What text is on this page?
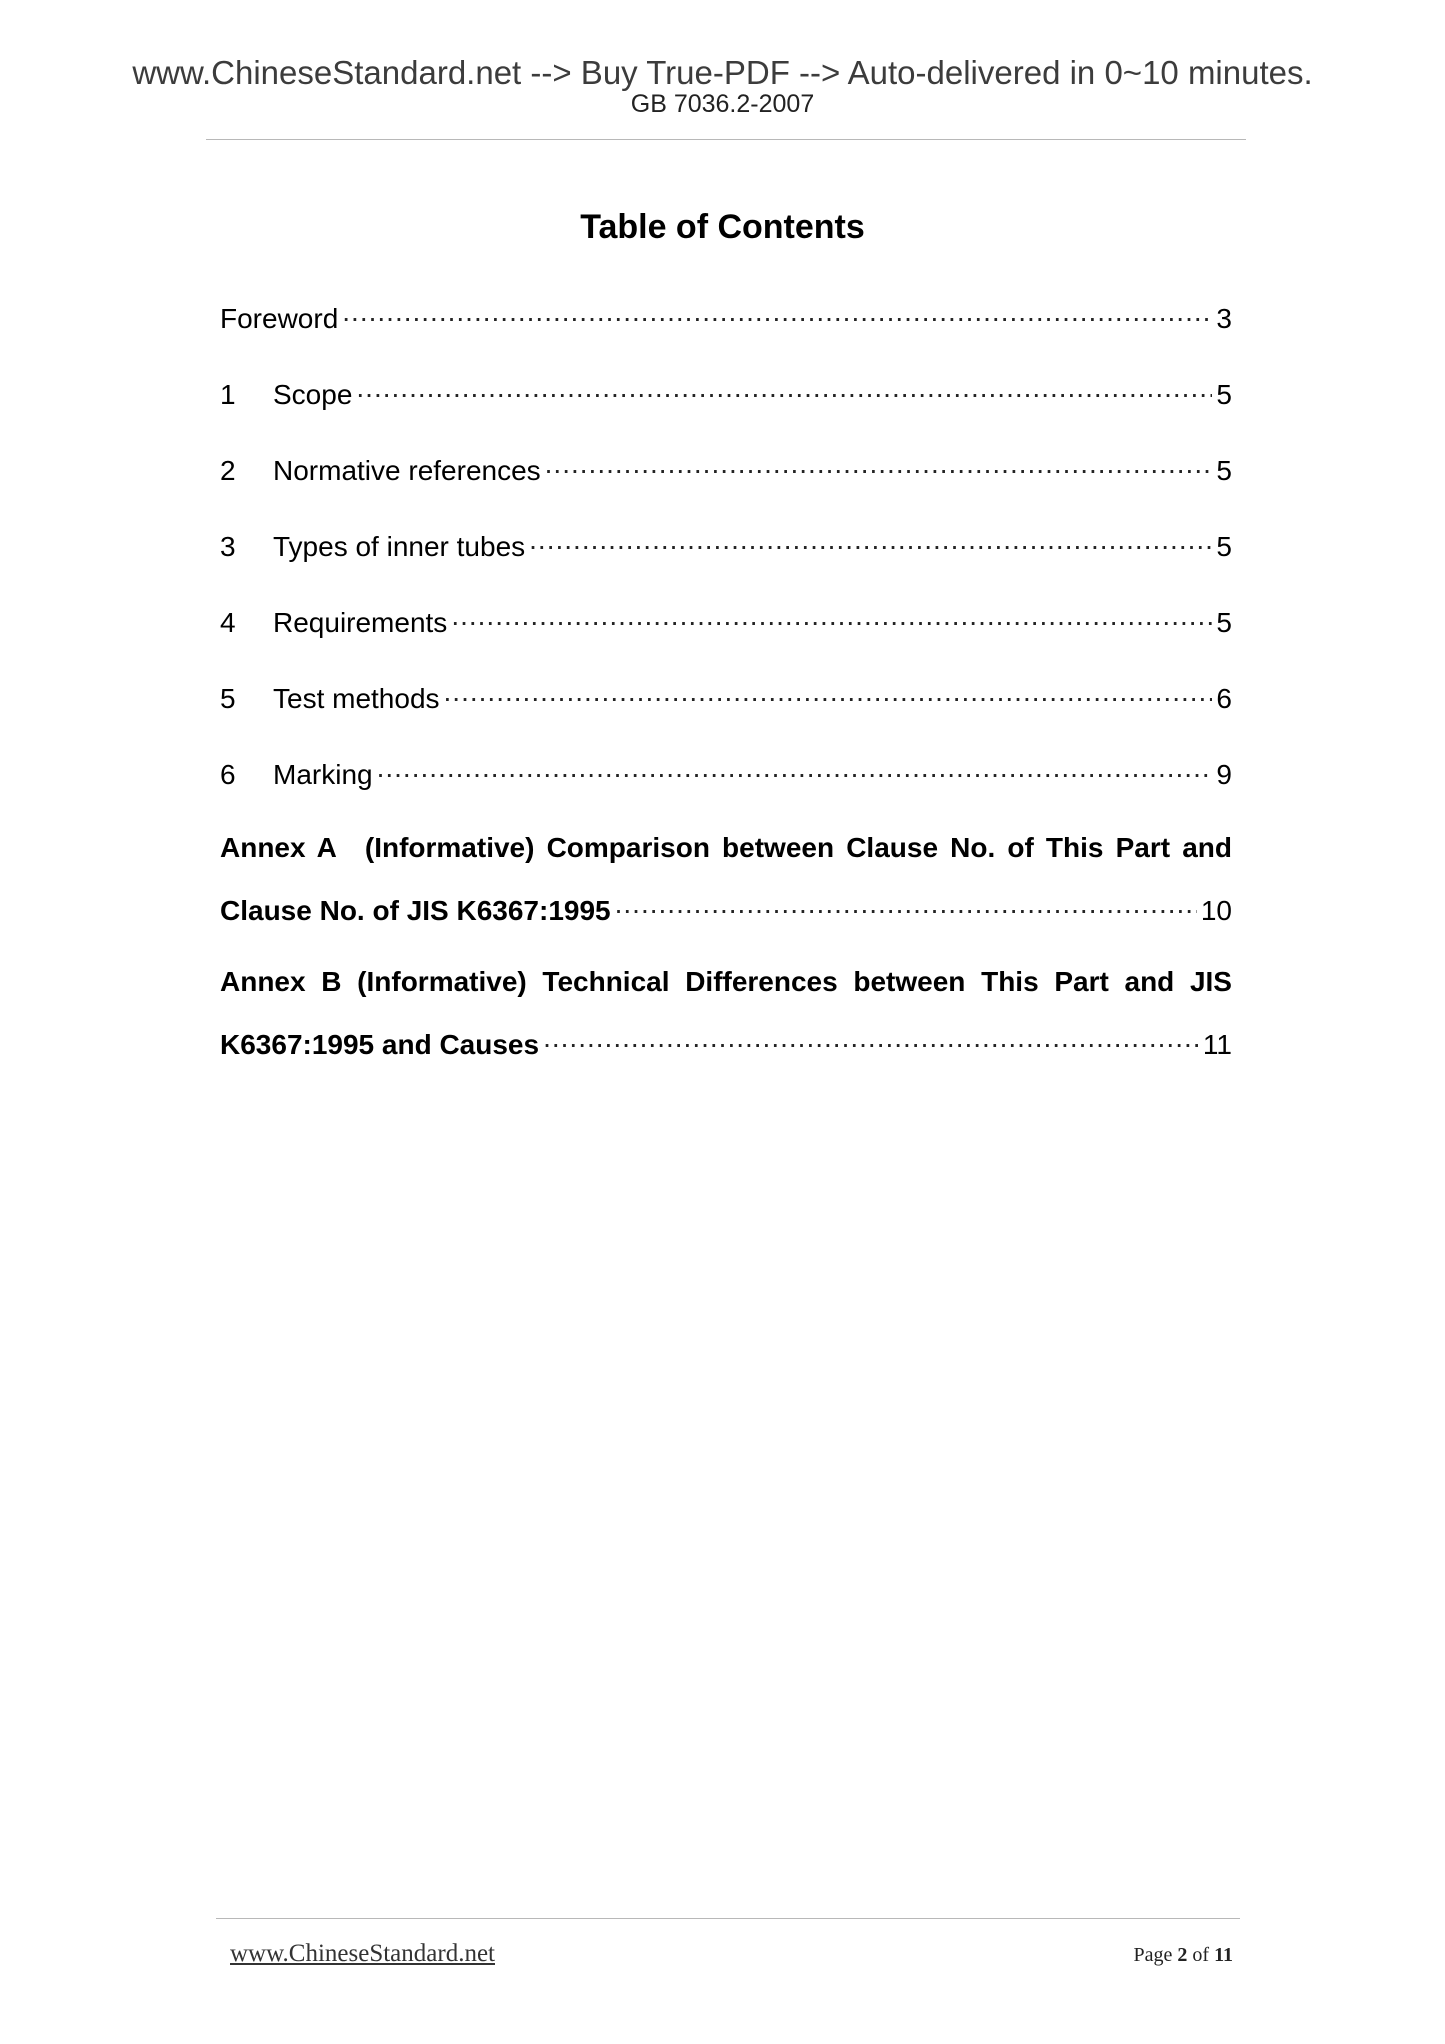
www.ChineseStandard.net --> Buy True-PDF --> Auto-delivered in 0~10 minutes.
GB 7036.2-2007
Table of Contents
Foreword .....	3
1	Scope .....	5
2	Normative references .....	5
3	Types of inner tubes .....	5
4	Requirements .....	5
5	Test methods .....	6
6	Marking .....	9
Annex A (Informative) Comparison between Clause No. of This Part and
Clause No. of JIS K6367:1995 .....	10
Annex B (Informative) Technical Differences between This Part and JIS
K6367:1995 and Causes .....	11
www.ChineseStandard.net	Page 2 of 11
